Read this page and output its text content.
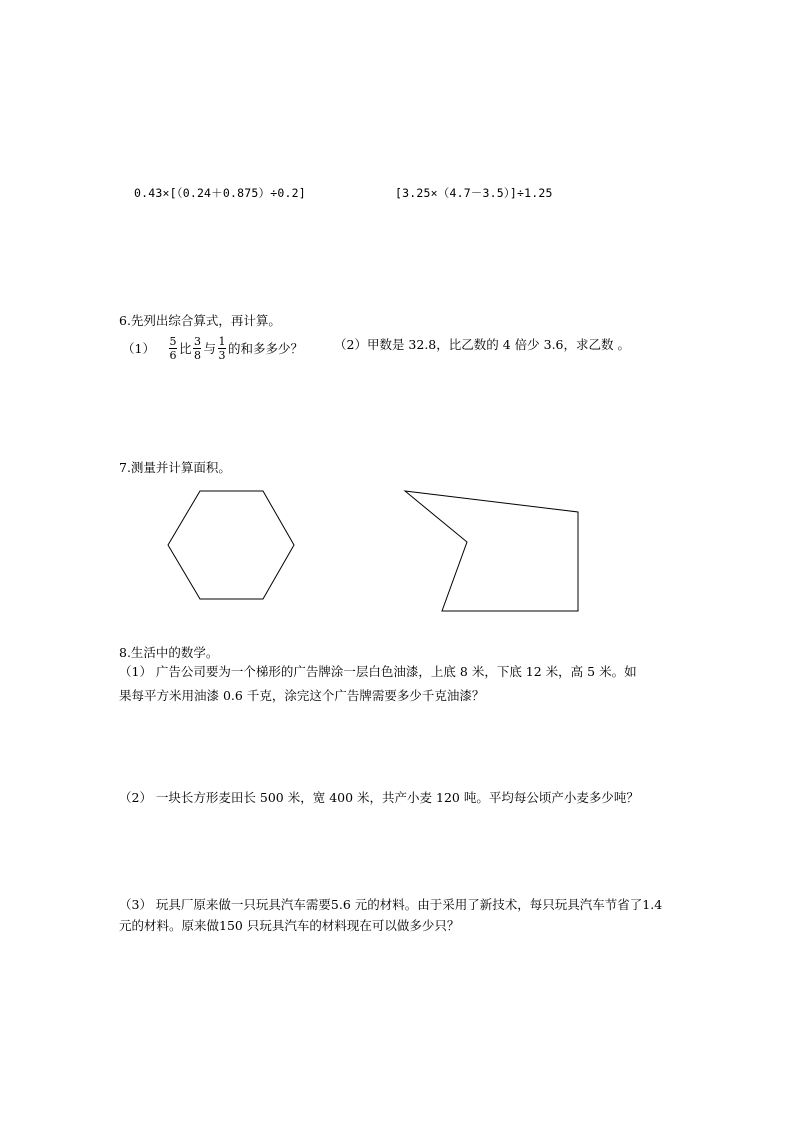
0.43×[（0.24＋0.875）÷0.2]	[3.25×（4.7－3.5）]÷1.25
6.先列出综合算式，再计算。
$(1) \frac{5}{6}$ 比 $\frac{3}{8}$ 与 $\frac{1}{3}$ 的和多多少？ （2）甲数是 32.8，比乙数的 4 倍少 3.6，求乙数 。
7.测量并计算面积。
8.生活中的数学。
（1） 广告公司要为一个梯形的广告牌涂一层白色油漆，上底 8 米，下底 12 米，高 5 米。如
果每平方米用油漆 0.6 千克，涂完这个广告牌需要多少千克油漆？
（2） 一块长方形麦田长 500 米，宽 400 米，共产小麦 120 吨。平均每公顷产小麦多少吨？
（3） 玩具厂原来做一只玩具汽车需要5.6 元的材料。由于采用了新技术，每只玩具汽车节省了1.4
元的材料。原来做150 只玩具汽车的材料现在可以做多少只？
